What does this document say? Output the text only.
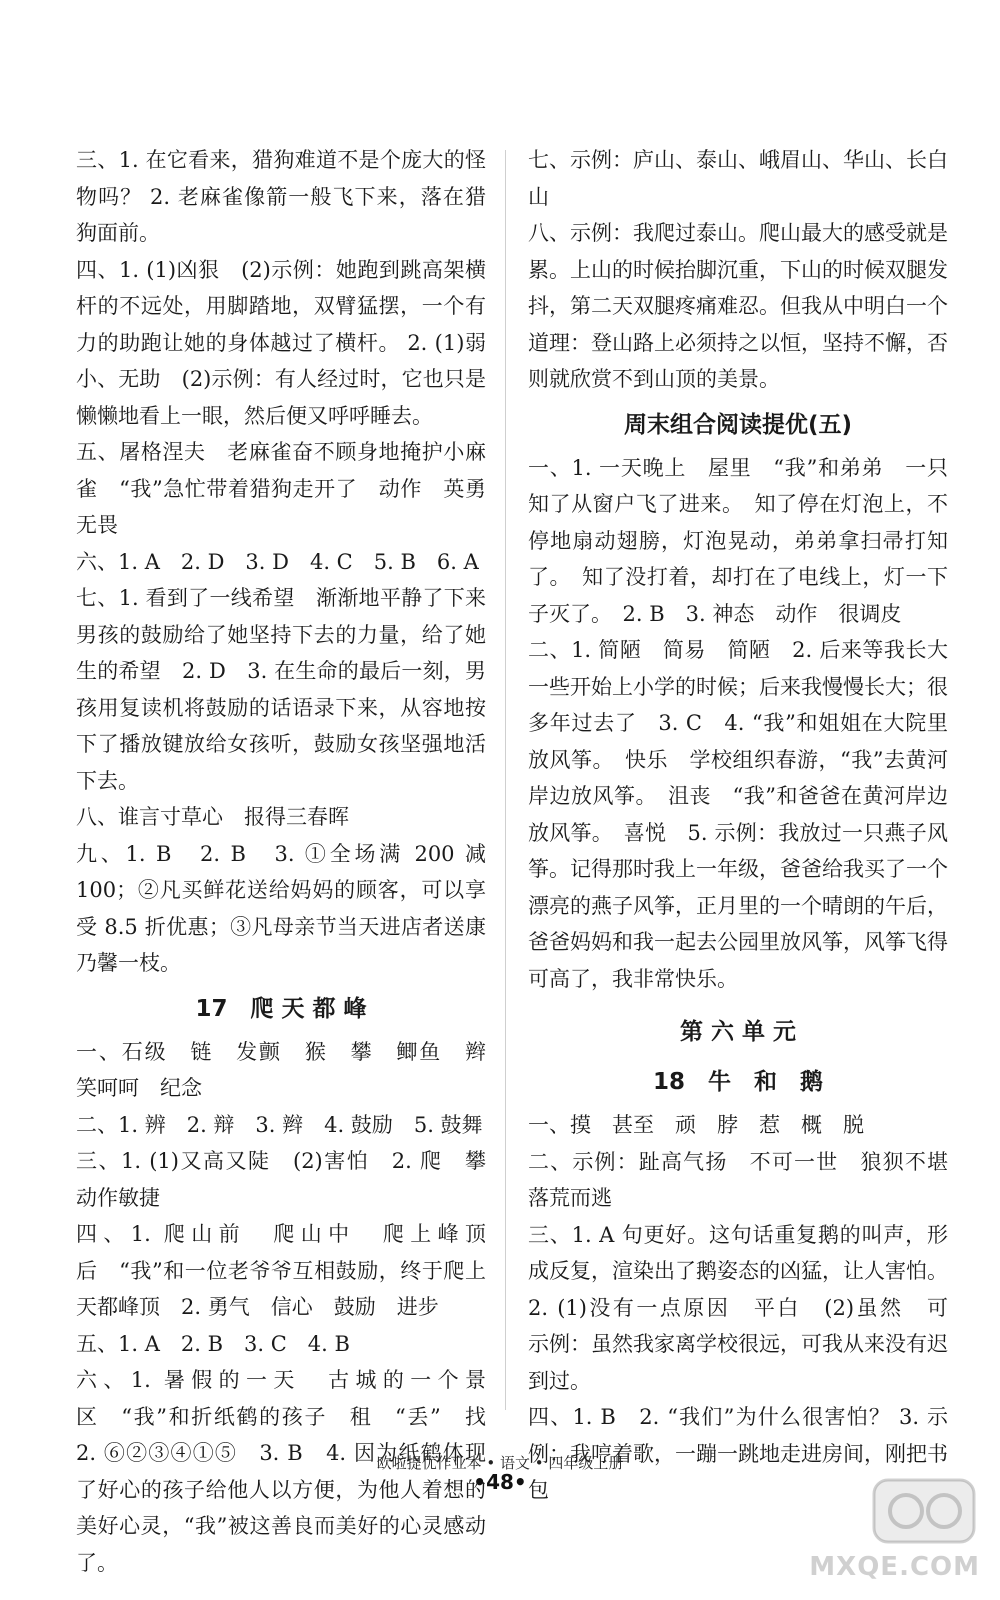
三、1. 在它看来，猎狗难道不是个庞大的怪物吗？ 2. 老麻雀像箭一般飞下来，落在猎狗面前。

四、1. (1)凶狠　(2)示例：她跑到跳高架横杆的不远处，用脚踏地，双臂猛摆，一个有力的助跑让她的身体越过了横杆。 2. (1)弱小、无助　(2)示例：有人经过时，它也只是懒懒地看上一眼，然后便又呼呼睡去。

五、屠格涅夫　老麻雀奋不顾身地掩护小麻雀　“我”急忙带着猎狗走开了　动作　英勇无畏

六、1. A　2. D　3. D　4. C　5. B　6. A

七、1. 看到了一线希望　渐渐地平静了下来　男孩的鼓励给了她坚持下去的力量，给了她生的希望　2. D　3. 在生命的最后一刻，男孩用复读机将鼓励的话语录下来，从容地按下了播放键放给女孩听，鼓励女孩坚强地活下去。

八、谁言寸草心　报得三春晖

九、1. B　2. B　3. ①全场满 200 减 100；②凡买鲜花送给妈妈的顾客，可以享受 8.5 折优惠；③凡母亲节当天进店者送康乃馨一枝。

17　爬 天 都 峰

一、石级　链　发颤　猴　攀　鲫鱼　辫　笑呵呵　纪念

二、1. 辨　2. 辩　3. 辫　4. 鼓励　5. 鼓舞

三、1. (1)又高又陡　(2)害怕　2. 爬　攀　动作敏捷

四、1. 爬山前　爬山中　爬上峰顶后　“我”和一位老爷爷互相鼓励，终于爬上天都峰顶　2. 勇气　信心　鼓励　进步

五、1. A　2. B　3. C　4. B

六、1. 暑假的一天　古城的一个景区　“我”和折纸鹤的孩子　租　“丢”　找　2. ⑥②③④①⑤　3. B　4. 因为纸鹤体现了好心的孩子给他人以方便，为他人着想的美好心灵，“我”被这善良而美好的心灵感动了。

七、示例：庐山、泰山、峨眉山、华山、长白山

八、示例：我爬过泰山。爬山最大的感受就是累。上山的时候抬脚沉重，下山的时候双腿发抖，第二天双腿疼痛难忍。但我从中明白一个道理：登山路上必须持之以恒，坚持不懈，否则就欣赏不到山顶的美景。

周末组合阅读提优(五)

一、1. 一天晚上　屋里　“我”和弟弟　一只知了从窗户飞了进来。　知了停在灯泡上，不停地扇动翅膀，灯泡晃动，弟弟拿扫帚打知了。　知了没打着，却打在了电线上，灯一下子灭了。　2. B　3. 神态　动作　很调皮

二、1. 简陋　简易　简陋　2. 后来等我长大一些开始上小学的时候；后来我慢慢长大；很多年过去了　3. C　4. “我”和姐姐在大院里放风筝。　快乐　学校组织春游，“我”去黄河岸边放风筝。　沮丧　“我”和爸爸在黄河岸边放风筝。　喜悦　5. 示例：我放过一只燕子风筝。记得那时我上一年级，爸爸给我买了一个漂亮的燕子风筝，正月里的一个晴朗的午后，爸爸妈妈和我一起去公园里放风筝，风筝飞得可高了，我非常快乐。

第 六 单 元
18　牛　和　鹅

一、摸　甚至　顽　脖　惹　概　脱

二、示例：趾高气扬　不可一世　狼狈不堪　落荒而逃

三、1. A 句更好。这句话重复鹅的叫声，形成反复，渲染出了鹅姿态的凶猛，让人害怕。 2. (1)没有一点原因　平白　(2)虽然　可　示例：虽然我家离学校很远，可我从来没有迟到过。

四、1. B　2. “我们”为什么很害怕？ 3. 示例：我哼着歌，一蹦一跳地走进房间，刚把书包

欧啦提优作业本 • 语文 • 四年级上册
•48•
MXQE.COM
